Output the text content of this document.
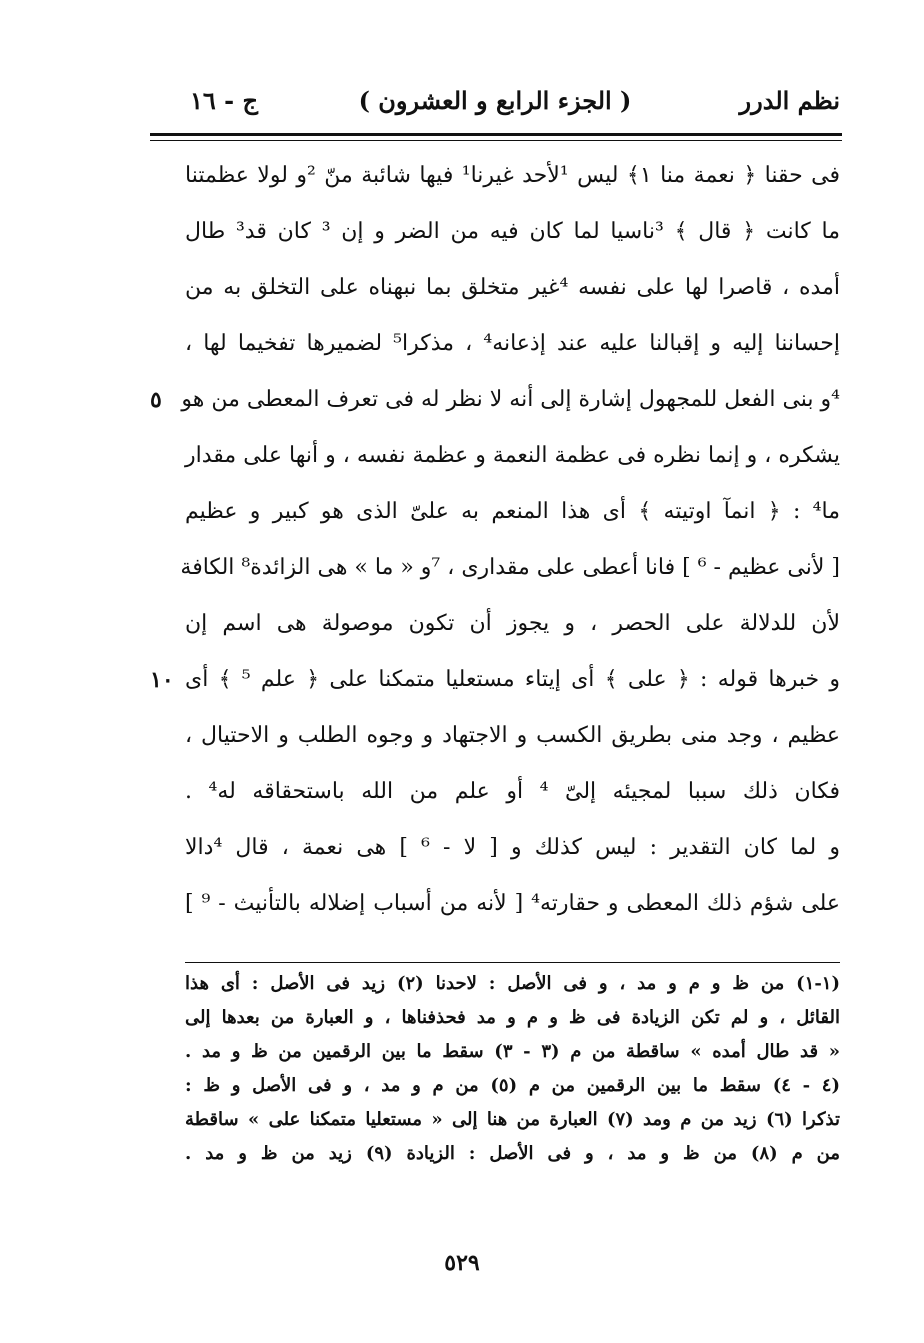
نظم الدرر
( الجزء الرابع و العشرون )
ج - ١٦
فى حقنا ﴿ نعمة منا ١﴾ ليس ¹لأحد غيرنا¹ فيها شائبة منّ ²و لولا عظمتنا
ما كانت ﴿ قال ﴾ ³ناسيا لما كان فيه من الضر و إن ³ كان قد³ طال
أمده ، قاصرا لها على نفسه ⁴غير متخلق بما نبهناه على التخلق به من
إحساننا إليه و إقبالنا عليه عند إذعانه⁴ ، مذكرا⁵ لضميرها تفخيما لها ،
⁴و بنى الفعل للمجهول إشارة إلى أنه لا نظر له فى تعرف المعطى من هو
٥
يشكره ، و إنما نظره فى عظمة النعمة و عظمة نفسه ، و أنها على مقدار
ما⁴ : ﴿ انمآ اوتيته ﴾ أى هذا المنعم به علىّ الذى هو كبير و عظيم
[ لأنى عظيم - ⁶ ] فانا أعطى على مقدارى ، ⁷و « ما » هى الزائدة⁸ الكافة
لأن للدلالة على الحصر ، و يجوز أن تكون موصولة هى اسم إن
و خبرها قوله : ﴿ على ﴾ أى إيتاء مستعليا متمكنا على ﴿ علم ⁵ ﴾ أى
١٠
عظيم ، وجد منى بطريق الكسب و الاجتهاد و وجوه الطلب و الاحتيال ،
فكان ذلك سببا لمجيئه إلىّ ⁴ أو علم من الله باستحقاقه له⁴ .
و لما كان التقدير : ليس كذلك و [ لا - ⁶ ] هى نعمة ، قال ⁴دالا
على شؤم ذلك المعطى و حقارته⁴ [ لأنه من أسباب إضلاله بالتأنيث - ⁹ ]
(١-١) من ظ و م و مد ، و فى الأصل : لاحدنا (٢) زيد فى الأصل : أى هذا
القائل ، و لم تكن الزيادة فى ظ و م و مد فحذفناها ، و العبارة من بعدها إلى
« قد طال أمده » ساقطة من م (٣ - ٣) سقط ما بين الرقمين من ظ و مد .
(٤ - ٤) سقط ما بين الرقمين من م (٥) من م و مد ، و فى الأصل و ظ :
تذكرا (٦) زيد من م ومد (٧) العبارة من هنا إلى « مستعليا متمكنا على » ساقطة
من م (٨) من ظ و مد ، و فى الأصل : الزيادة (٩) زيد من ظ و مد .
٥٢٩
